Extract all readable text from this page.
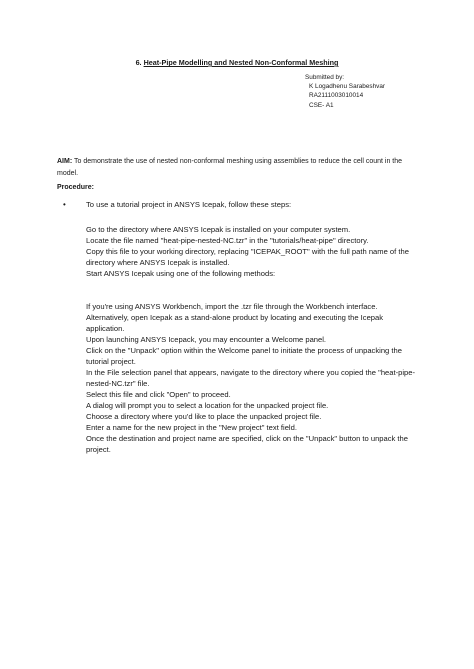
6. Heat-Pipe Modelling and Nested Non-Conformal Meshing
Submitted by:
K Logadhenu Sarabeshvar
RA2111003010014
CSE- A1
AIM: To demonstrate the use of nested non-conformal meshing using assemblies to reduce the cell count in the model.
Procedure:
•	To use a tutorial project in ANSYS Icepak, follow these steps:

Go to the directory where ANSYS Icepak is installed on your computer system.

Locate the file named "heat-pipe-nested-NC.tzr" in the "tutorials/heat-pipe" directory.

Copy this file to your working directory, replacing "ICEPAK_ROOT" with the full path name of the directory where ANSYS Icepak is installed.

Start ANSYS Icepak using one of the following methods:

If you're using ANSYS Workbench, import the .tzr file through the Workbench interface.

Alternatively, open Icepak as a stand-alone product by locating and executing the Icepak application.

Upon launching ANSYS Icepack, you may encounter a Welcome panel.

Click on the "Unpack" option within the Welcome panel to initiate the process of unpacking the tutorial project.

In the File selection panel that appears, navigate to the directory where you copied the "heat-pipe-nested-NC.tzr" file.

Select this file and click "Open" to proceed.

A dialog will prompt you to select a location for the unpacked project file.

Choose a directory where you'd like to place the unpacked project file.

Enter a name for the new project in the "New project" text field.

Once the destination and project name are specified, click on the "Unpack" button to unpack the project.
